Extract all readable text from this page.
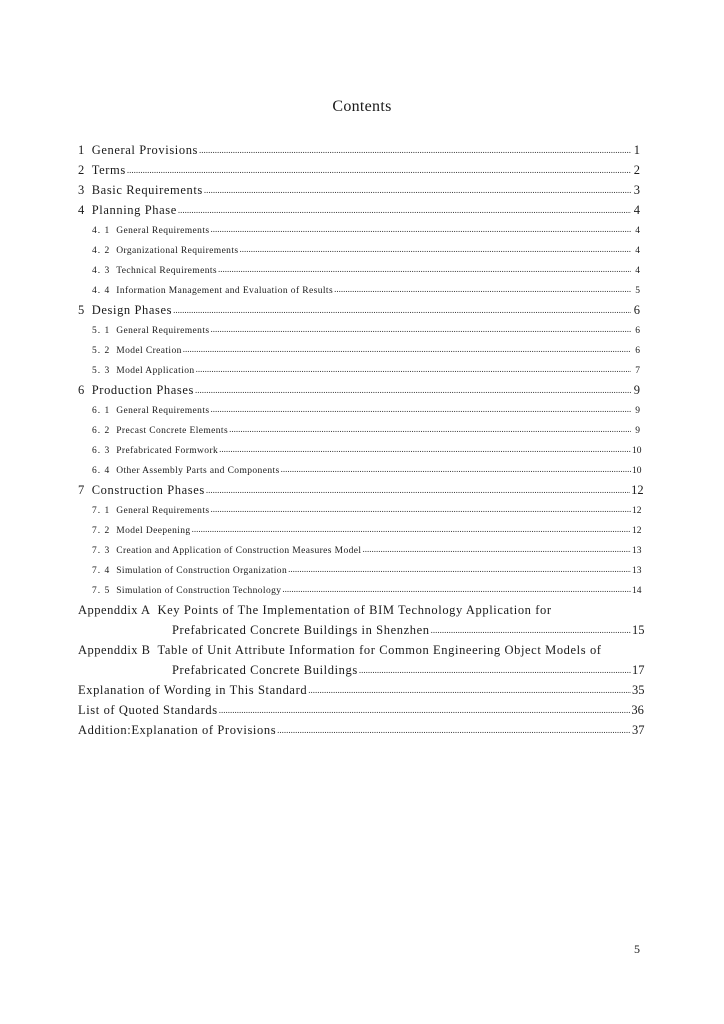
Contents
1 General Provisions .....	1
2 Terms .....	2
3 Basic Requirements .....	3
4 Planning Phase .....	4
4. 1 General Requirements .....	4
4. 2 Organizational Requirements .....	4
4. 3 Technical Requirements .....	4
4. 4 Information Management and Evaluation of Results .....	5
5 Design Phases .....	6
5. 1 General Requirements .....	6
5. 2 Model Creation .....	6
5. 3 Model Application .....	7
6 Production Phases .....	9
6. 1 General Requirements .....	9
6. 2 Precast Concrete Elements .....	9
6. 3 Prefabricated Formwork .....	10
6. 4 Other Assembly Parts and Components .....	10
7 Construction Phases .....	12
7. 1 General Requirements .....	12
7. 2 Model Deepening .....	12
7. 3 Creation and Application of Construction Measures Model .....	13
7. 4 Simulation of Construction Organization .....	13
7. 5 Simulation of Construction Technology .....	14
Appenddix A Key Points of The Implementation of BIM Technology Application for
Prefabricated Concrete Buildings in Shenzhen .....	15
Appenddix B Table of Unit Attribute Information for Common Engineering Object Models of
Prefabricated Concrete Buildings .....	17
Explanation of Wording in This Standard .....	35
List of Quoted Standards .....	36
Addition:Explanation of Provisions .....	37
5
